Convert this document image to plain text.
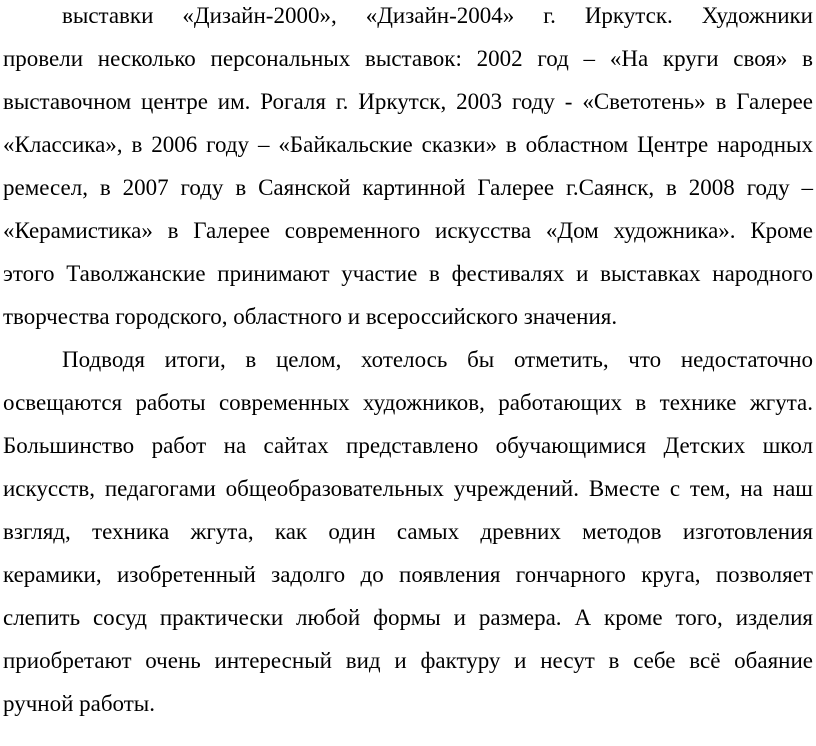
выставки «Дизайн-2000», «Дизайн-2004» г. Иркутск. Художники
провели несколько персональных выставок: 2002 год – «На круги своя» в
выставочном центре им. Рогаля г. Иркутск, 2003 году - «Светотень» в Галерее
«Классика», в 2006 году – «Байкальские сказки» в областном Центре народных
ремесел, в 2007 году в Саянской картинной Галерее г.Саянск, в 2008 году –
«Керамистика» в Галерее современного искусства «Дом художника». Кроме
этого Таволжанские принимают участие в фестивалях и выставках народного
творчества городского, областного и всероссийского значения.
Подводя итоги, в целом, хотелось бы отметить, что недостаточно
освещаются работы современных художников, работающих в технике жгута.
Большинство работ на сайтах представлено обучающимися Детских школ
искусств, педагогами общеобразовательных учреждений. Вместе с тем, на наш
взгляд, техника жгута, как один самых древних методов изготовления
керамики, изобретенный задолго до появления гончарного круга, позволяет
слепить сосуд практически любой формы и размера. А кроме того, изделия
приобретают очень интересный вид и фактуру и несут в себе всё обаяние
ручной работы.
